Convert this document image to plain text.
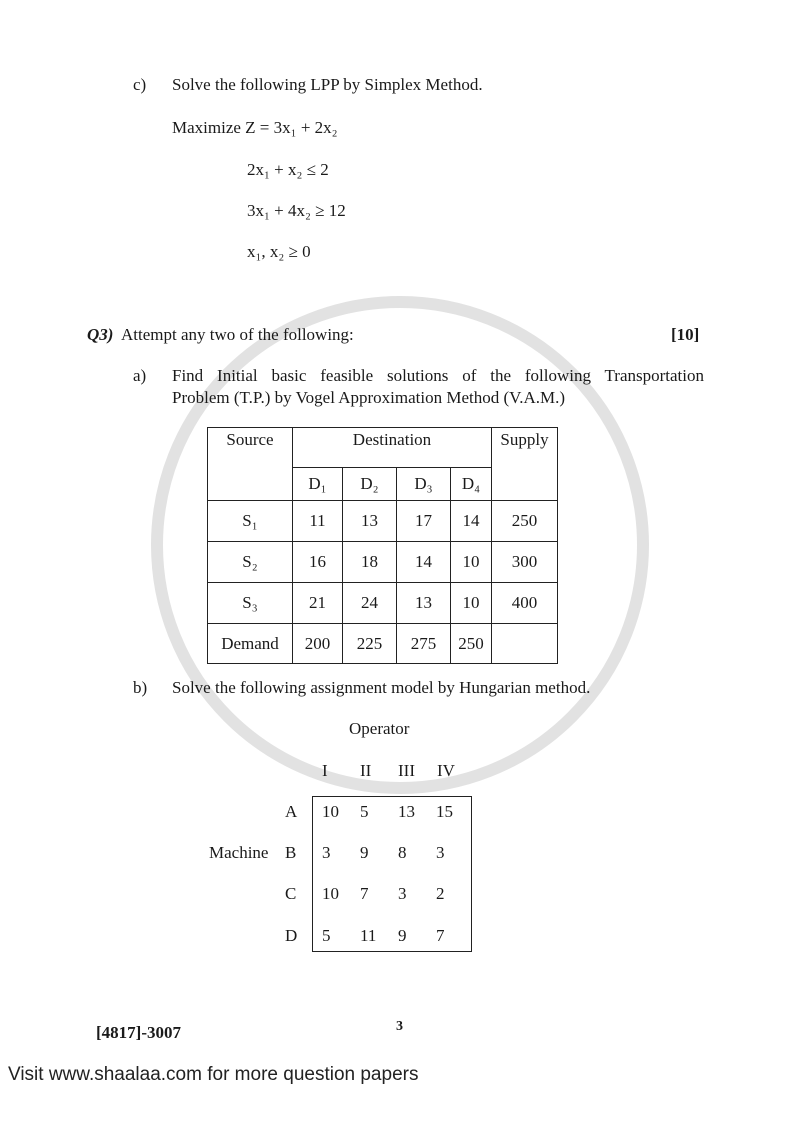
c) Solve the following LPP by Simplex Method.
Maximize Z = 3x₁ + 2x₂
2x₁ + x₂ ≤ 2
3x₁ + 4x₂ ≥ 12
x₁, x₂ ≥ 0
Q3) Attempt any two of the following:	[10]
a) Find Initial basic feasible solutions of the following Transportation
Problem (T.P.) by Vogel Approximation Method (V.A.M.)
Source	Destination				Supply
	D₁	D₂	D₃	D₄	
S₁	11	13	17	14	250
S₂	16	18	14	10	300
S₃	21	24	13	10	400
Demand	200	225	275	250	
b) Solve the following assignment model by Hungarian method.
Operator
I II III IV
Machine
A 10 5 13 15
B 3 9 8 3
C 10 7 3 2
D 5 11 9 7
[4817]-3007	3
Visit www.shaalaa.com for more question papers
